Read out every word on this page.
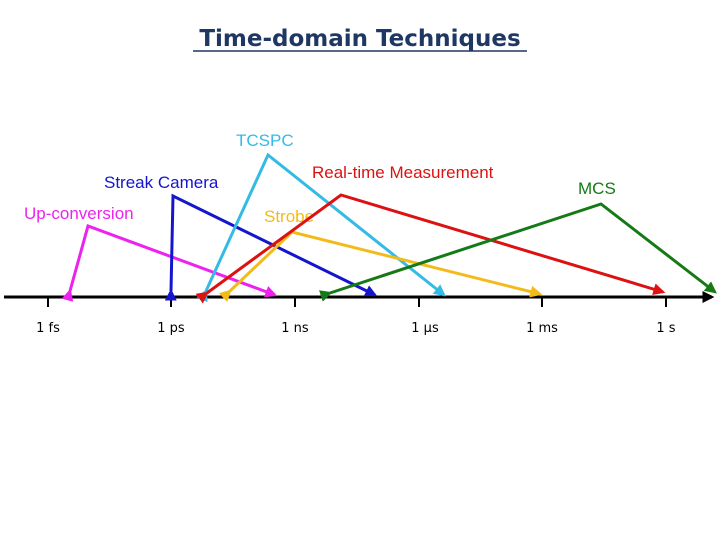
Time-domain Techniques
1 fs	1 ps	1 ns	1 µs	1 ms	1 s
Up-conversion
Streak Camera
TCSPC
Strobe
Real-time Measurement
MCS
